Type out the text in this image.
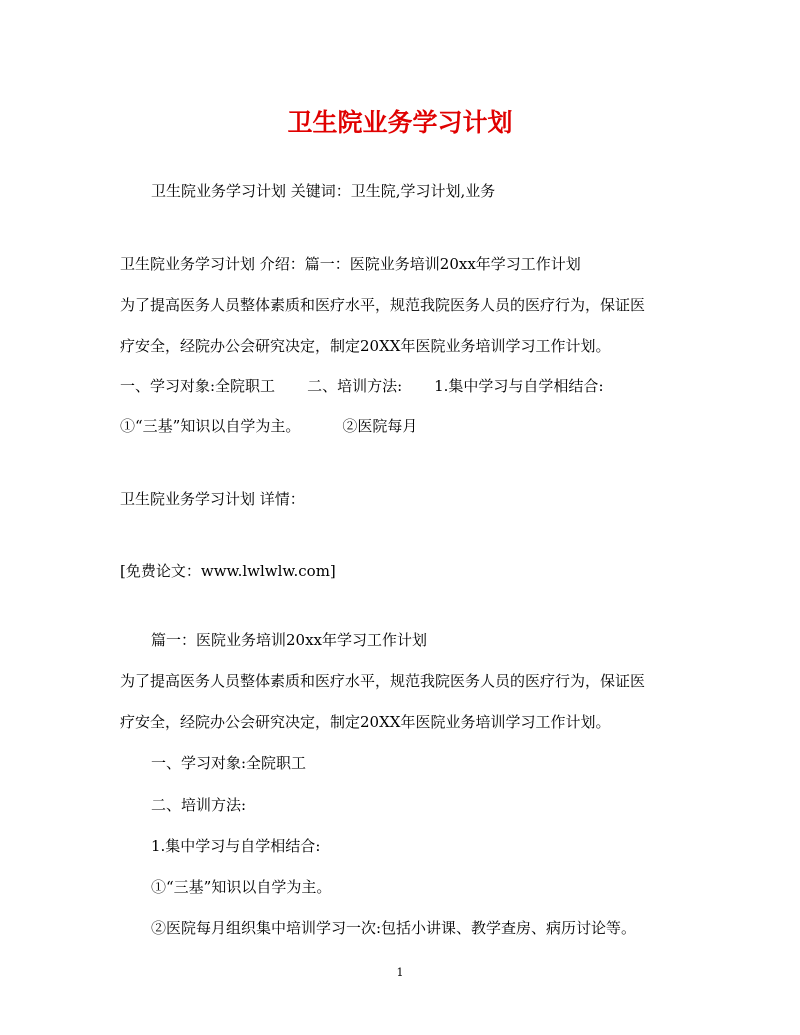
卫生院业务学习计划
卫生院业务学习计划 关键词：卫生院,学习计划,业务
卫生院业务学习计划 介绍：篇一：医院业务培训20xx年学习工作计划
为了提高医务人员整体素质和医疗水平，规范我院医务人员的医疗行为，保证医
疗安全，经院办公会研究决定，制定20XX年医院业务培训学习工作计划。
一、学习对象:全院职工 二、培训方法: 1.集中学习与自学相结合:
①“三基”知识以自学为主。	②医院每月
卫生院业务学习计划 详情：
[免费论文：www.lwlwlw.com]
篇一：医院业务培训20xx年学习工作计划
为了提高医务人员整体素质和医疗水平，规范我院医务人员的医疗行为，保证医
疗安全，经院办公会研究决定，制定20XX年医院业务培训学习工作计划。
一、学习对象:全院职工
二、培训方法:
1.集中学习与自学相结合:
①“三基”知识以自学为主。
②医院每月组织集中培训学习一次:包括小讲课、教学查房、病历讨论等。
1
